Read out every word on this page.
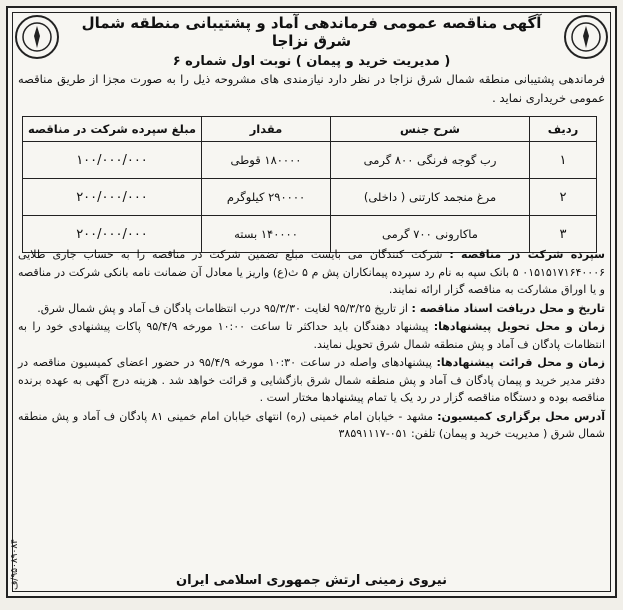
آگهی مناقصه عمومی فرماندهی آماد و پشتیبانی منطقه شمال شرق نزاجا
( مدیریت خرید و پیمان ) نوبت اول شماره ۶
فرماندهی پشتیبانی منطقه شمال شرق نزاجا در نظر دارد نیازمندی های مشروحه ذیل را به صورت مجزا از طریق مناقصه عمومی خریداری نماید .
ردیف	شرح جنس	مقدار	مبلغ سپرده شرکت در مناقصه
۱	رب گوجه فرنگی ۸۰۰ گرمی	۱۸۰۰۰۰ قوطی	۱۰۰/۰۰۰/۰۰۰
۲	مرغ منجمد کارتنی ( داخلی)	۲۹۰۰۰۰ کیلوگرم	۲۰۰/۰۰۰/۰۰۰
۳	ماکارونی ۷۰۰ گرمی	۱۴۰۰۰۰ بسته	۲۰۰/۰۰۰/۰۰۰

سپرده شرکت در مناقصه : شرکت کنندگان می بایست مبلغ تضمین شرکت در مناقصه را به حساب جاری طلایی ۰۱۵۱۵۱۷۱۶۴۰۰۰۶ ۵ بانک سپه به نام رد سپرده پیمانکاران پش م ۵ ث(ع) واریز یا معادل آن ضمانت نامه بانکی شرکت در مناقصه و یا اوراق مشارکت به مناقصه گزار ارائه نمایند.

تاریخ و محل دریافت اسناد مناقصه : از تاریخ ۹۵/۳/۲۵ لغایت ۹۵/۳/۳۰ درب انتظامات پادگان ف آماد و پش شمال شرق.

زمان و محل تحویل پیشنهادها: پیشنهاد دهندگان باید حداکثر تا ساعت ۱۰:۰۰ مورخه ۹۵/۴/۹ پاکات پیشنهادی خود را به انتظامات پادگان ف آماد و پش منطقه شمال شرق تحویل نمایند.

زمان و محل قرائت پیشنهادها: پیشنهادهای واصله در ساعت ۱۰:۳۰ مورخه ۹۵/۴/۹ در حضور اعضای کمیسیون مناقصه در دفتر مدیر خرید و پیمان پادگان ف آماد و پش منطقه شمال شرق بازگشایی و قرائت خواهد شد . هزینه درج آگهی به عهده برنده مناقصه بوده و دستگاه مناقصه گزار در رد یک یا تمام پیشنهادها مختار است .

آدرس محل برگزاری کمیسیون: مشهد - خیابان امام خمینی (ره) انتهای خیابان امام خمینی ۸۱ پادگان ف آماد و پش منطقه شمال شرق ( مدیریت خرید و پیمان) تلفن: ۰۵۱-۳۸۵۹۱۱۱۷

نیروی زمینی ارتش جمهوری اسلامی ایران
۹۵۰۸۹۰۸۴/ف
